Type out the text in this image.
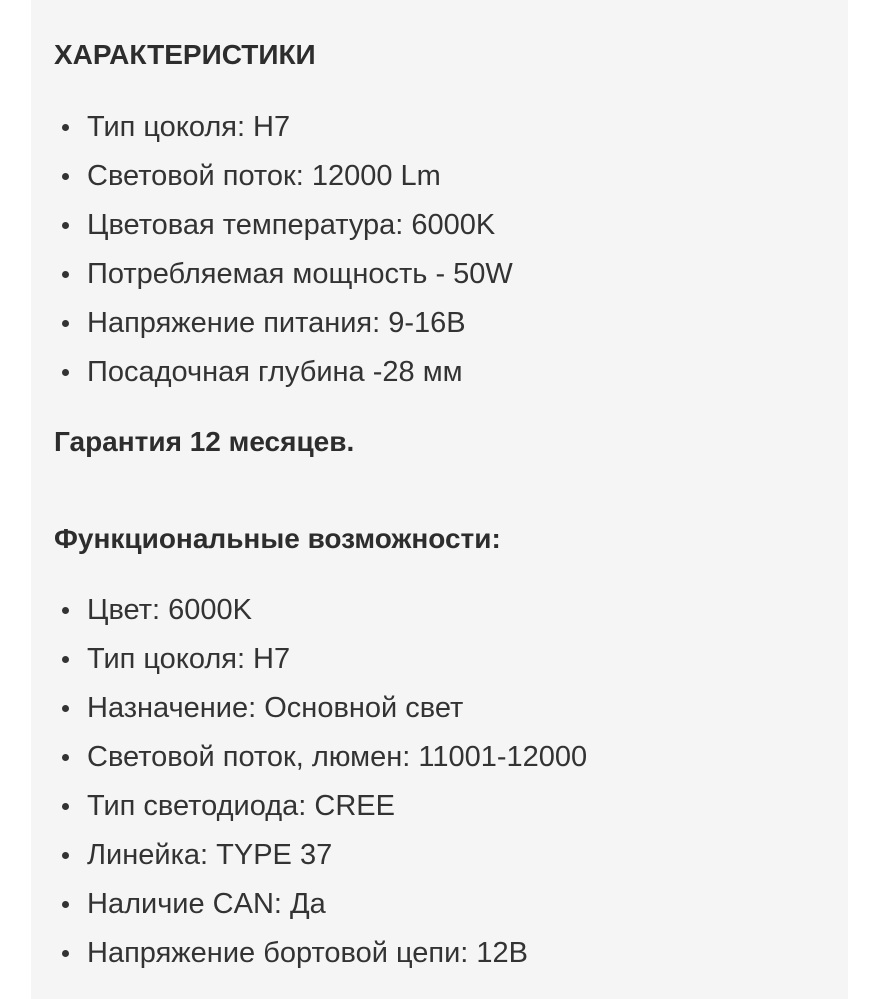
ХАРАКТЕРИСТИКИ
Тип цоколя: H7
Световой поток: 12000 Lm
Цветовая температура: 6000K
Потребляемая мощность - 50W
Напряжение питания: 9-16В
Посадочная глубина -28 мм

Гарантия 12 месяцев.

Функциональные возможности:
Цвет: 6000K
Тип цоколя: H7
Назначение: Основной свет
Световой поток, люмен: 11001-12000
Тип светодиода: CREE
Линейка: TYPE 37
Наличие CAN: Да
Напряжение бортовой цепи: 12В
